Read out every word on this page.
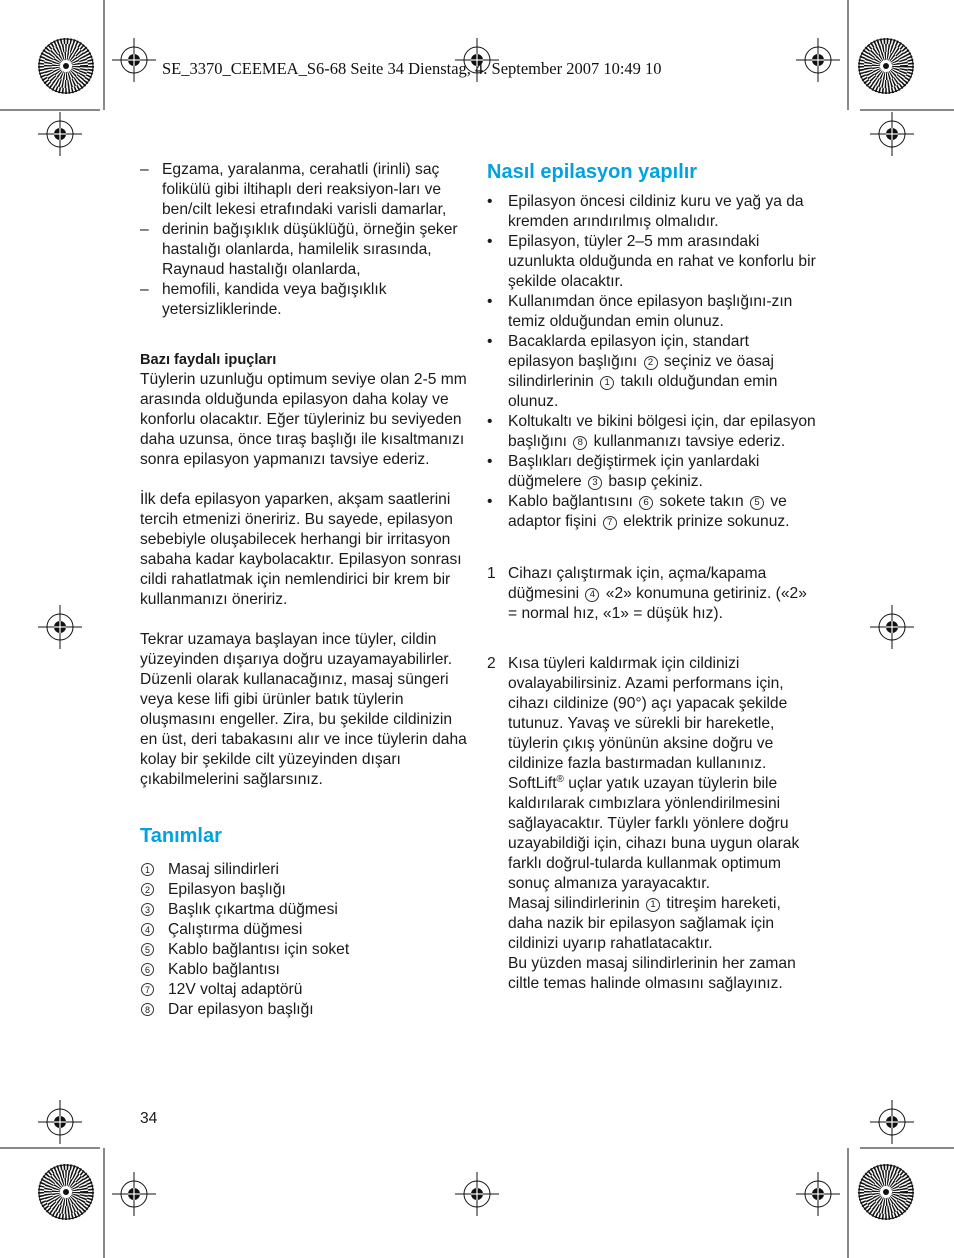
SE_3370_CEEMEA_S6-68 Seite 34 Dienstag, 4. September 2007 10:49 10
– Egzama, yaralanma, cerahatli (irinli) saç folikülü gibi iltihaplı deri reaksiyon-ları ve ben/cilt lekesi etrafındaki varisli damarlar,
– derinin bağışıklık düşüklüğü, örneğin şeker hastalığı olanlarda, hamilelik sırasında, Raynaud hastalığı olanlarda,
– hemofili, kandida veya bağışıklık yetersizliklerinde.
Bazı faydalı ipuçları

Tüylerin uzunluğu optimum seviye olan 2-5 mm arasında olduğunda epilasyon daha kolay ve konforlu olacaktır. Eğer tüyleriniz bu seviyeden daha uzunsa, önce tıraş başlığı ile kısaltmanızı sonra epilasyon yapmanızı tavsiye ederiz.

İlk defa epilasyon yaparken, akşam saatlerini tercih etmenizi öneririz. Bu sayede, epilasyon sebebiyle oluşabilecek herhangi bir irritasyon sabaha kadar kaybolacaktır. Epilasyon sonrası cildi rahatlatmak için nemlendirici bir krem bir kullanmanızı öneririz.

Tekrar uzamaya başlayan ince tüyler, cildin yüzeyinden dışarıya doğru uzayamayabilirler. Düzenli olarak kullanacağınız, masaj süngeri veya kese lifi gibi ürünler batık tüylerin oluşmasını engeller. Zira, bu şekilde cildinizin en üst, deri tabakasını alır ve ince tüylerin daha kolay bir şekilde cilt yüzeyinden dışarı çıkabilmelerini sağlarsınız.

Tanımlar
1 Masaj silindirleri
2 Epilasyon başlığı
3 Başlık çıkartma düğmesi
4 Çalıştırma düğmesi
5 Kablo bağlantısı için soket
6 Kablo bağlantısı
7 12V voltaj adaptörü
8 Dar epilasyon başlığı
Nasıl epilasyon yapılır
• Epilasyon öncesi cildiniz kuru ve yağ ya da kremden arındırılmış olmalıdır.
• Epilasyon, tüyler 2–5 mm arasındaki uzunlukta olduğunda en rahat ve konforlu bir şekilde olacaktır.
• Kullanımdan önce epilasyon başlığını-zın temiz olduğundan emin olunuz.
• Bacaklarda epilasyon için, standart epilasyon başlığını 2 seçiniz ve öasaj silindirlerinin 1 takılı olduğundan emin olunuz.
• Koltukaltı ve bikini bölgesi için, dar epilasyon başlığını 8 kullanmanızı tavsiye ederiz.
• Başlıkları değiştirmek için yanlardaki düğmelere 3 basıp çekiniz.
• Kablo bağlantısını 6 sokete takın 5 ve adaptor fişini 7 elektrik prinize sokunuz.
1 Cihazı çalıştırmak için, açma/kapama düğmesini 4 «2» konumuna getiriniz. («2» = normal hız, «1» = düşük hız).
2 Kısa tüyleri kaldırmak için cildinizi ovalayabilirsiniz. Azami performans için, cihazı cildinize (90°) açı yapacak şekilde tutunuz. Yavaş ve sürekli bir hareketle, tüylerin çıkış yönünün aksine doğru ve cildinize fazla bastırmadan kullanınız. SoftLift® uçlar yatık uzayan tüylerin bile kaldırılarak cımbızlara yönlendirilmesini sağlayacaktır. Tüyler farklı yönlere doğru uzayabildiği için, cihazı buna uygun olarak farklı doğrul-tularda kullanmak optimum sonuç almanıza yarayacaktır.
Masaj silindirlerinin 1 titreşim hareketi, daha nazik bir epilasyon sağlamak için cildinizi uyarıp rahatlatacaktır.
Bu yüzden masaj silindirlerinin her zaman ciltle temas halinde olmasını sağlayınız.
34
